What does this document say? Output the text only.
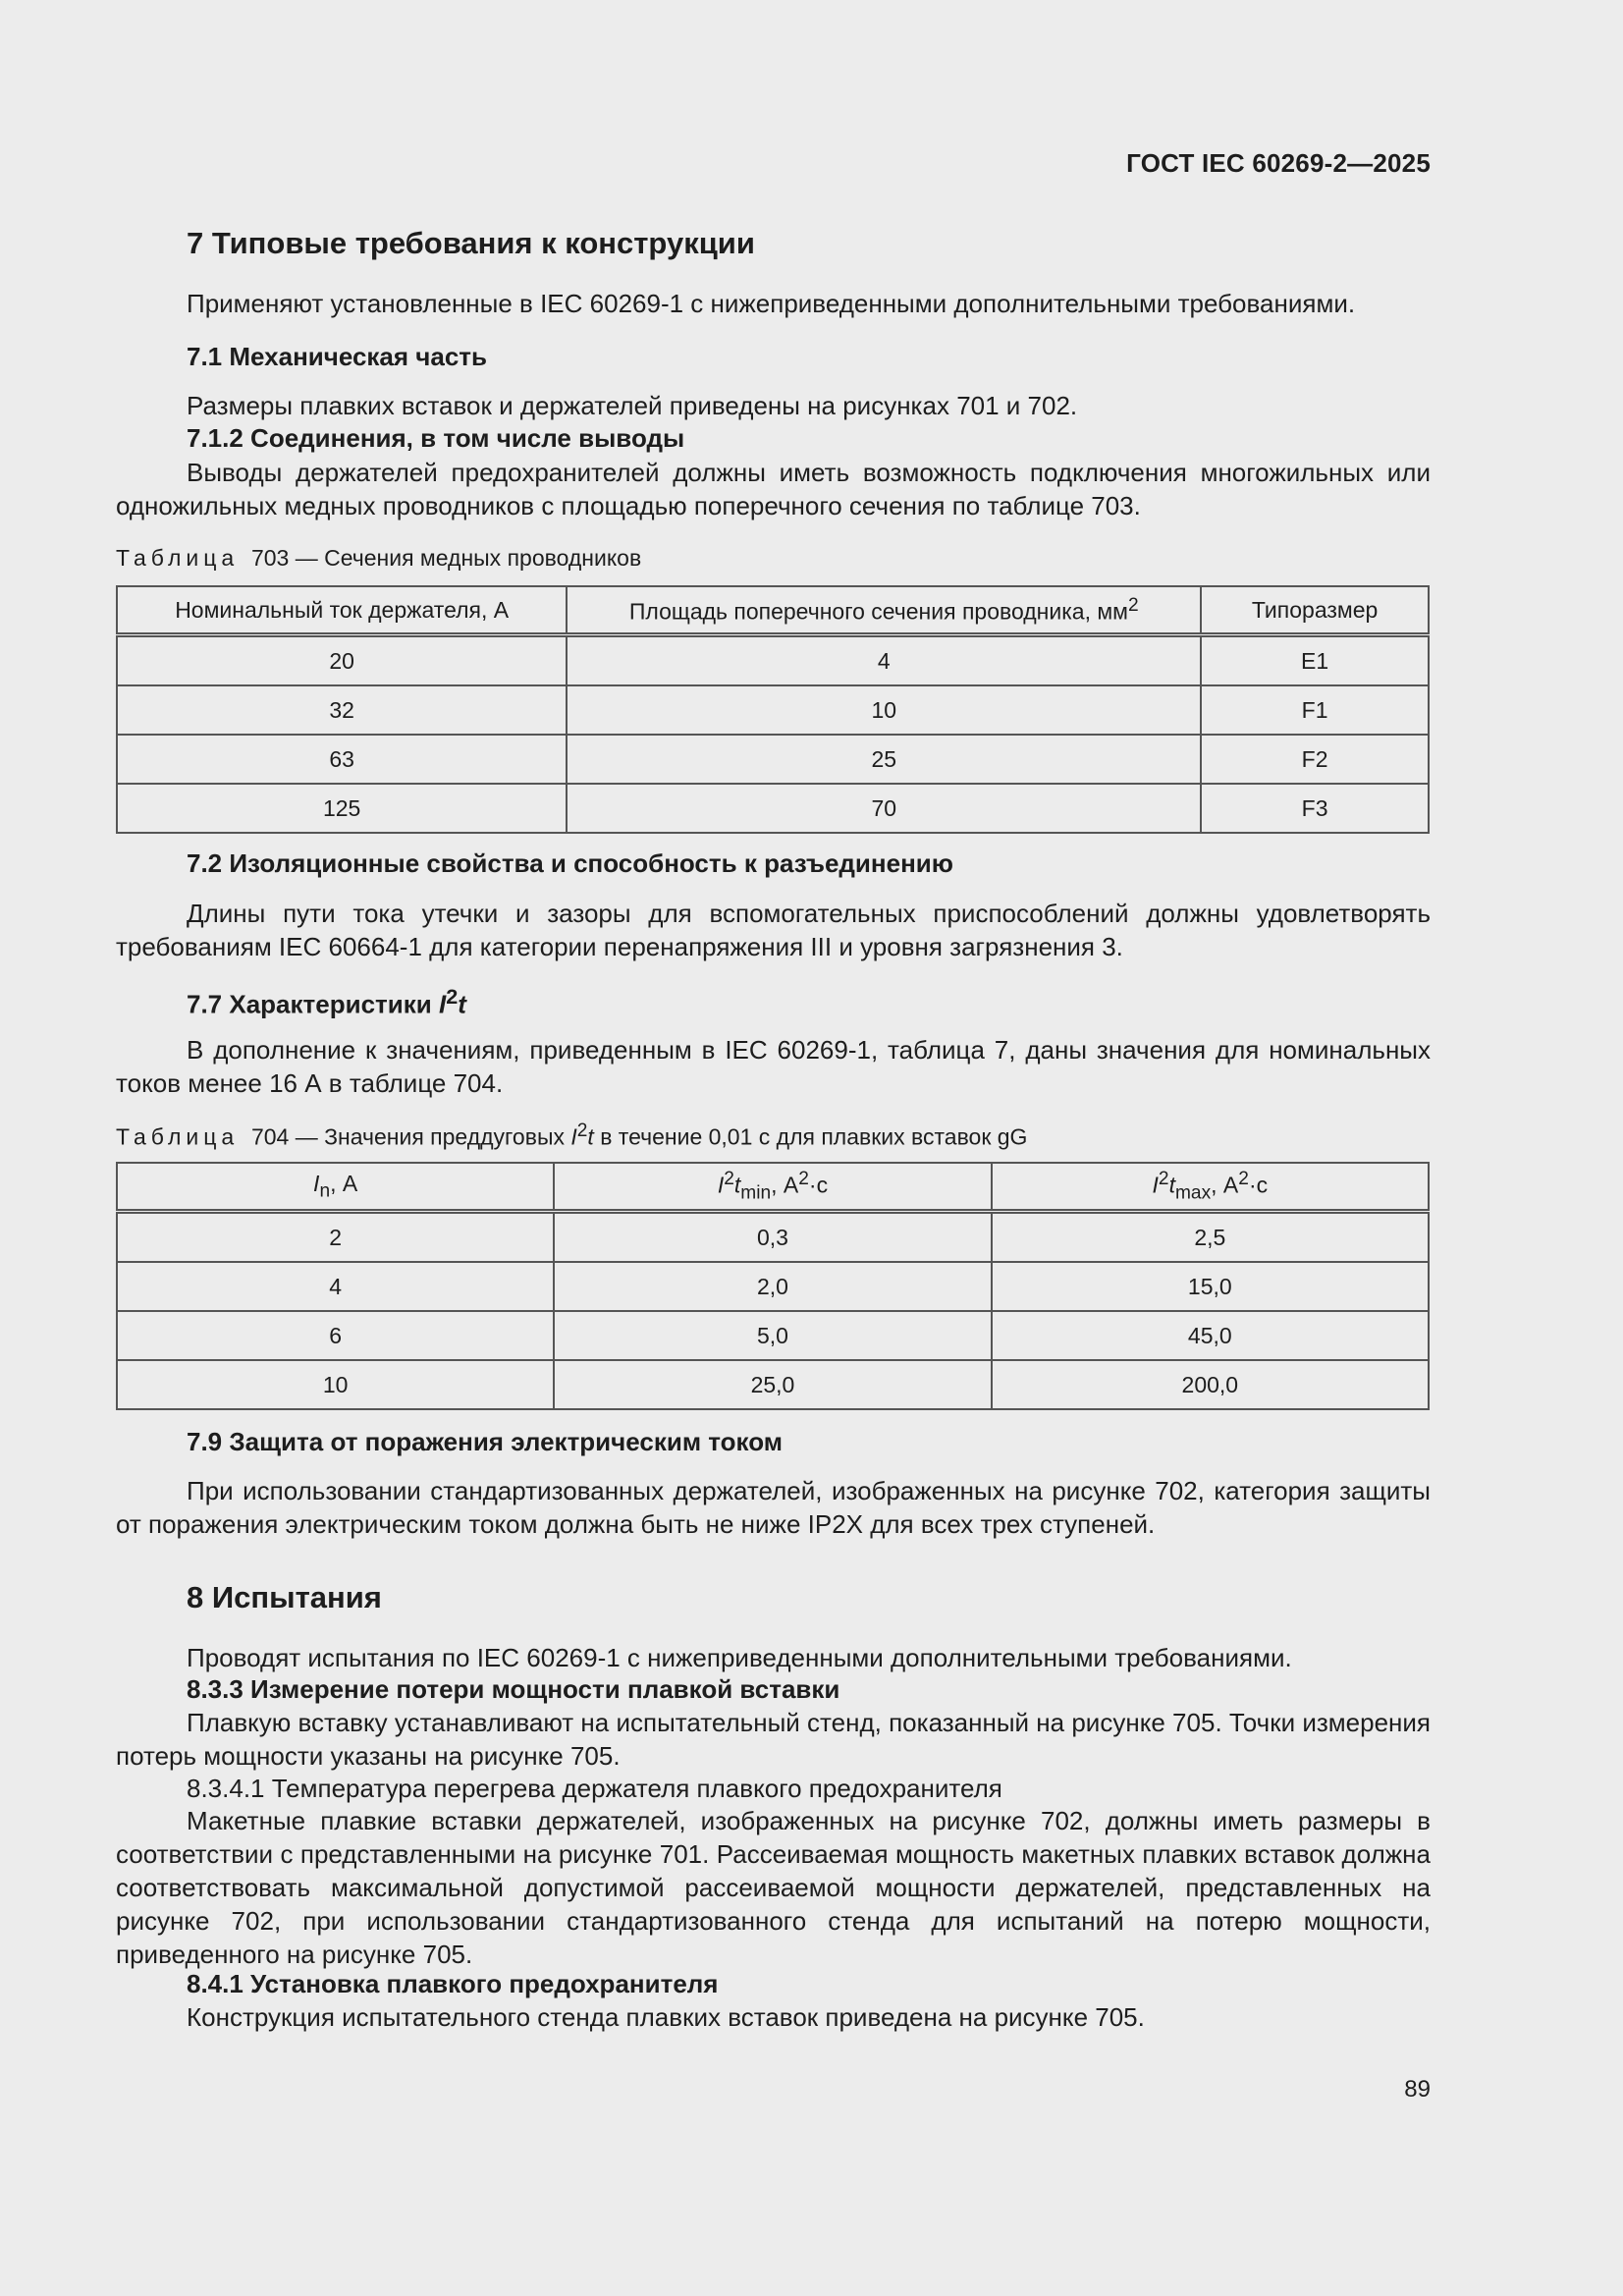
ГОСТ IEC 60269-2—2025
7 Типовые требования к конструкции
Применяют установленные в IEC 60269-1 с нижеприведенными дополнительными требованиями.
7.1 Механическая часть
Размеры плавких вставок и держателей приведены на рисунках 701 и 702.
7.1.2 Соединения, в том числе выводы
Выводы держателей предохранителей должны иметь возможность подключения многожильных или одножильных медных проводников с площадью поперечного сечения по таблице 703.
Таблица 703 — Сечения медных проводников
Номинальный ток держателя, А	Площадь поперечного сечения проводника, $мм^2$	Типоразмер
20	4	E1
32	10	F1
63	25	F2
125	70	F3
7.2 Изоляционные свойства и способность к разъединению
Длины пути тока утечки и зазоры для вспомогательных приспособлений должны удовлетворять требованиям IEC 60664-1 для категории перенапряжения III и уровня загрязнения 3.
7.7 Характеристики $I^2t$
В дополнение к значениям, приведенным в IEC 60269-1, таблица 7, даны значения для номинальных токов менее 16 А в таблице 704.
Таблица 704 — Значения преддуговых $I^2t$ в течение 0,01 с для плавких вставок gG
$I_n$, А	$I^2t_{min}$, $А^2\cdot с$	$I^2t_{max}$, $А^2\cdot с$
2	0,3	2,5
4	2,0	15,0
6	5,0	45,0
10	25,0	200,0
7.9 Защита от поражения электрическим током
При использовании стандартизованных держателей, изображенных на рисунке 702, категория защиты от поражения электрическим током должна быть не ниже IP2X для всех трех ступеней.
8 Испытания
Проводят испытания по IEC 60269-1 с нижеприведенными дополнительными требованиями.
8.3.3 Измерение потери мощности плавкой вставки
Плавкую вставку устанавливают на испытательный стенд, показанный на рисунке 705. Точки измерения потерь мощности указаны на рисунке 705.
8.3.4.1 Температура перегрева держателя плавкого предохранителя
Макетные плавкие вставки держателей, изображенных на рисунке 702, должны иметь размеры в соответствии с представленными на рисунке 701. Рассеиваемая мощность макетных плавких вставок должна соответствовать максимальной допустимой рассеиваемой мощности держателей, представленных на рисунке 702, при использовании стандартизованного стенда для испытаний на потерю мощности, приведенного на рисунке 705.
8.4.1 Установка плавкого предохранителя
Конструкция испытательного стенда плавких вставок приведена на рисунке 705.
89
